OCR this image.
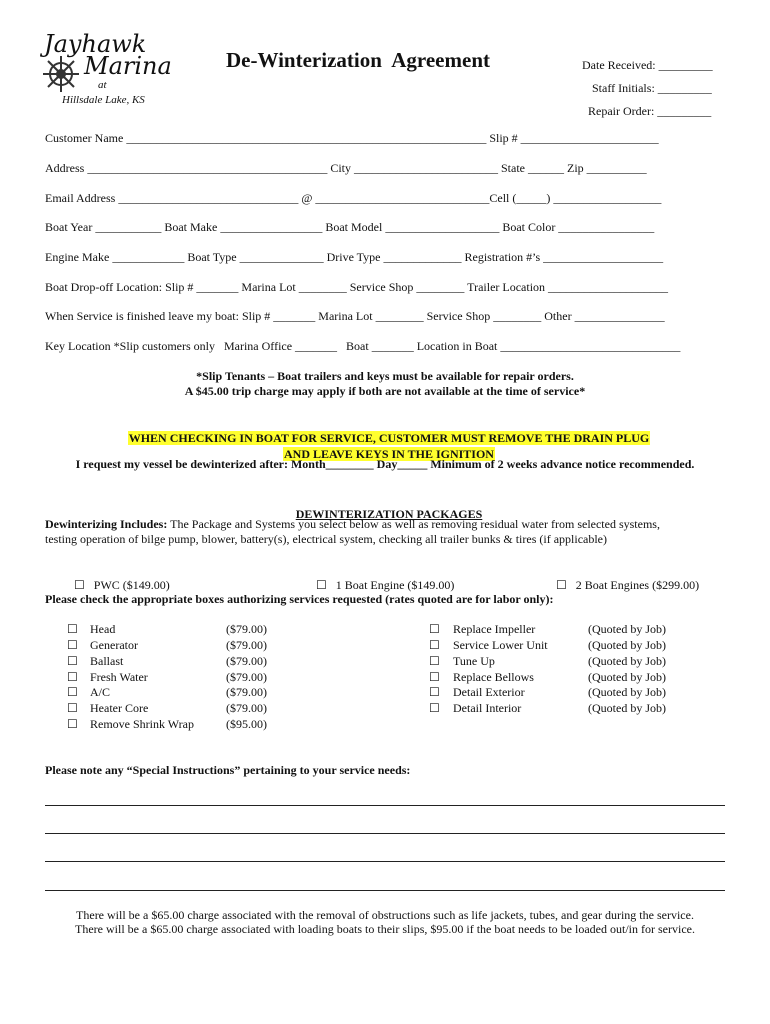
Jayhawk

Marina

at

Hillsdale Lake, KS

De-Winterization  Agreement	Date Received: _________
Staff Initials: _________
Repair Order: _________
Customer Name ____________________________________________________________ Slip # _______________________
Address ________________________________________ City ________________________ State ______ Zip __________
Email Address ______________________________ @ _____________________________Cell (_____) __________________
Boat Year ___________ Boat Make _________________ Boat Model ___________________ Boat Color ________________
Engine Make ____________ Boat Type ______________ Drive Type _____________ Registration #’s ____________________
Boat Drop-off Location: Slip # _______ Marina Lot ________ Service Shop ________ Trailer Location ____________________
When Service is finished leave my boat: Slip # _______ Marina Lot ________ Service Shop ________ Other _______________
Key Location *Slip customers only   Marina Office _______   Boat _______ Location in Boat ______________________________
*Slip Tenants – Boat trailers and keys must be available for repair orders.
A $45.00 trip charge may apply if both are not available at the time of service*

WHEN CHECKING IN BOAT FOR SERVICE, CUSTOMER MUST REMOVE THE DRAIN PLUG

AND LEAVE KEYS IN THE IGNITION

I request my vessel be dewinterized after: Month________ Day_____ Minimum of 2 weeks advance notice recommended.

DEWINTERIZATION PACKAGES

Dewinterizing Includes: The Package and Systems you select below as well as removing residual water from selected systems,
testing operation of bilge pump, blower, battery(s), electrical system, checking all trailer bunks & tires (if applicable)

☐ PWC ($149.00)	☐ 1 Boat Engine ($149.00)	☐ 2 Boat Engines ($299.00)

Please check the appropriate boxes authorizing services requested (rates quoted are for labor only):
☐ Head	($79.00)
☐ Generator	($79.00)
☐ Ballast	($79.00)
☐ Fresh Water	($79.00)
☐ A/C	($79.00)
☐ Heater Core	($79.00)
☐ Remove Shrink Wrap	($95.00)
☐ Replace Impeller	(Quoted by Job)
☐ Service Lower Unit	(Quoted by Job)
☐ Tune Up	(Quoted by Job)
☐ Replace Bellows	(Quoted by Job)
☐ Detail Exterior	(Quoted by Job)
☐ Detail Interior	(Quoted by Job)
Please note any “Special Instructions” pertaining to your service needs:
There will be a $65.00 charge associated with the removal of obstructions such as life jackets, tubes, and gear during the service.
There will be a $65.00 charge associated with loading boats to their slips, $95.00 if the boat needs to be loaded out/in for service.
